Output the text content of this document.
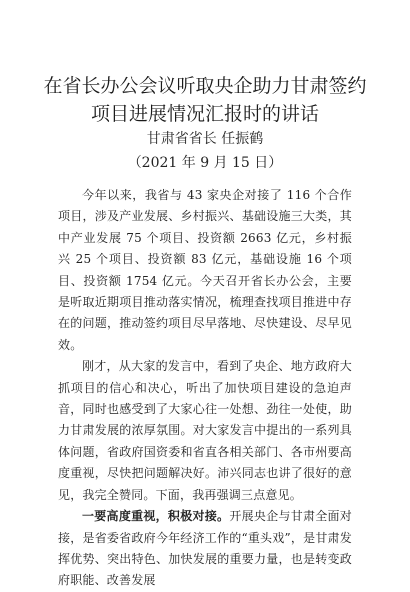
在省长办公会议听取央企助力甘肃签约项目进展情况汇报时的讲话
甘肃省省长 任振鹤
（2021 年 9 月 15 日）

今年以来，我省与 43 家央企对接了 116 个合作项目，涉及产业发展、乡村振兴、基础设施三大类，其中产业发展 75 个项目、投资额 2663 亿元，乡村振兴 25 个项目、投资额 83 亿元，基础设施 16 个项目、投资额 1754 亿元。今天召开省长办公会，主要是听取近期项目推动落实情况，梳理查找项目推进中存在的问题，推动签约项目尽早落地、尽快建设、尽早见效。

刚才，从大家的发言中，看到了央企、地方政府大抓项目的信心和决心，听出了加快项目建设的急迫声音，同时也感受到了大家心往一处想、劲往一处使，助力甘肃发展的浓厚氛围。对大家发言中提出的一系列具体问题，省政府国资委和省直各相关部门、各市州要高度重视，尽快把问题解决好。沛兴同志也讲了很好的意见，我完全赞同。下面，我再强调三点意见。

一要高度重视，积极对接。开展央企与甘肃全面对接，是省委省政府今年经济工作的“重头戏”，是甘肃发挥优势、突出特色、加快发展的重要力量，也是转变政府职能、改善发展
